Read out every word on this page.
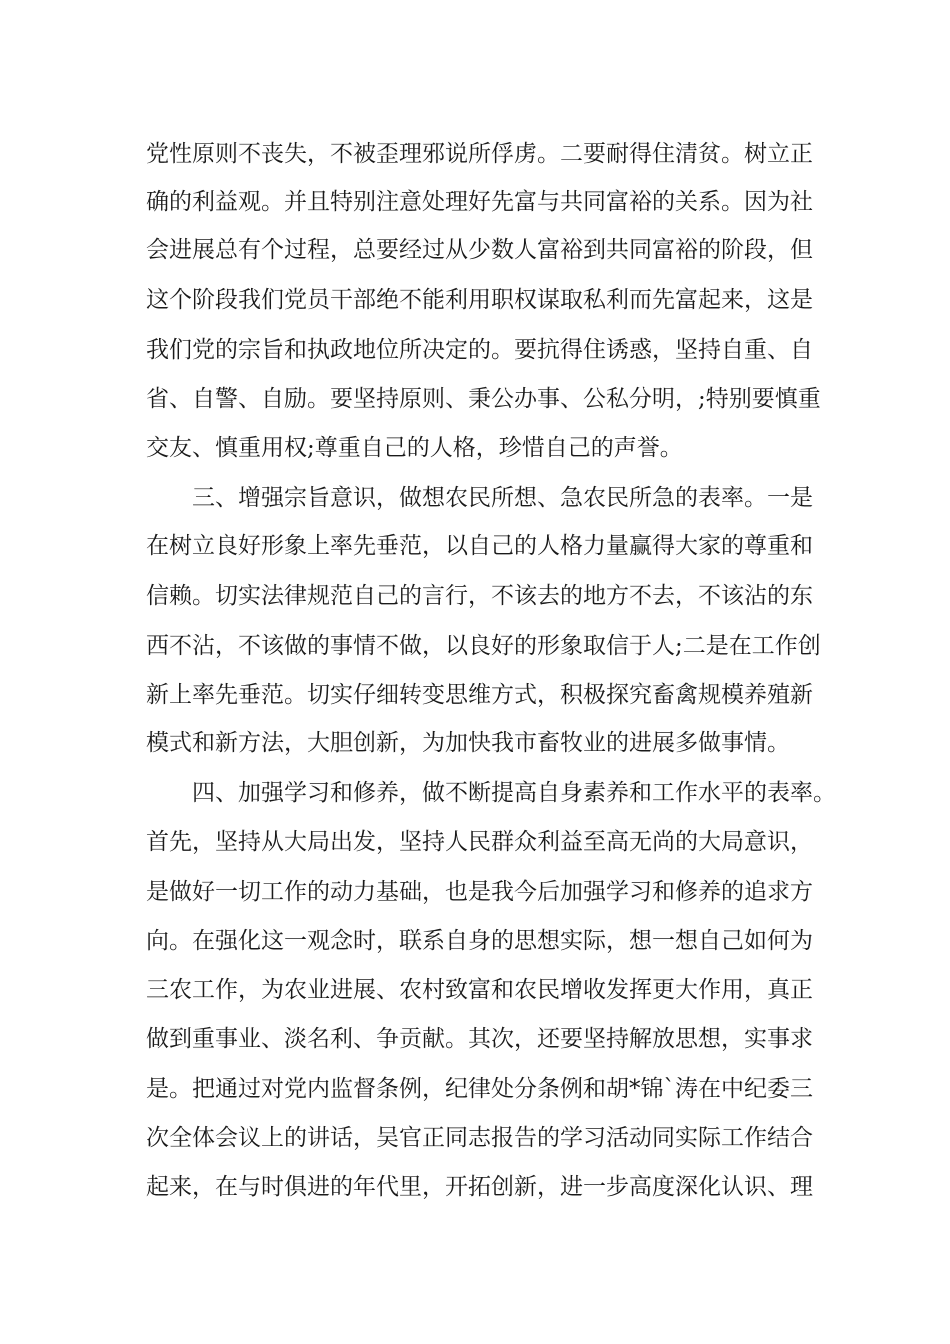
党性原则不丧失，不被歪理邪说所俘虏。二要耐得住清贫。树立正
确的利益观。并且特别注意处理好先富与共同富裕的关系。因为社
会进展总有个过程，总要经过从少数人富裕到共同富裕的阶段，但
这个阶段我们党员干部绝不能利用职权谋取私利而先富起来，这是
我们党的宗旨和执政地位所决定的。要抗得住诱惑，坚持自重、自
省、自警、自励。要坚持原则、秉公办事、公私分明，;特别要慎重
交友、慎重用权;尊重自己的人格，珍惜自己的声誉。
三、增强宗旨意识，做想农民所想、急农民所急的表率。一是
在树立良好形象上率先垂范，以自己的人格力量赢得大家的尊重和
信赖。切实法律规范自己的言行，不该去的地方不去，不该沾的东
西不沾，不该做的事情不做，以良好的形象取信于人;二是在工作创
新上率先垂范。切实仔细转变思维方式，积极探究畜禽规模养殖新
模式和新方法，大胆创新，为加快我市畜牧业的进展多做事情。
四、加强学习和修养，做不断提高自身素养和工作水平的表率。
首先，坚持从大局出发，坚持人民群众利益至高无尚的大局意识，
是做好一切工作的动力基础，也是我今后加强学习和修养的追求方
向。在强化这一观念时，联系自身的思想实际，想一想自己如何为
三农工作，为农业进展、农村致富和农民增收发挥更大作用，真正
做到重事业、淡名利、争贡献。其次，还要坚持解放思想，实事求
是。把通过对党内监督条例，纪律处分条例和胡*锦`涛在中纪委三
次全体会议上的讲话，吴官正同志报告的学习活动同实际工作结合
起来，在与时俱进的年代里，开拓创新，进一步高度深化认识、理
